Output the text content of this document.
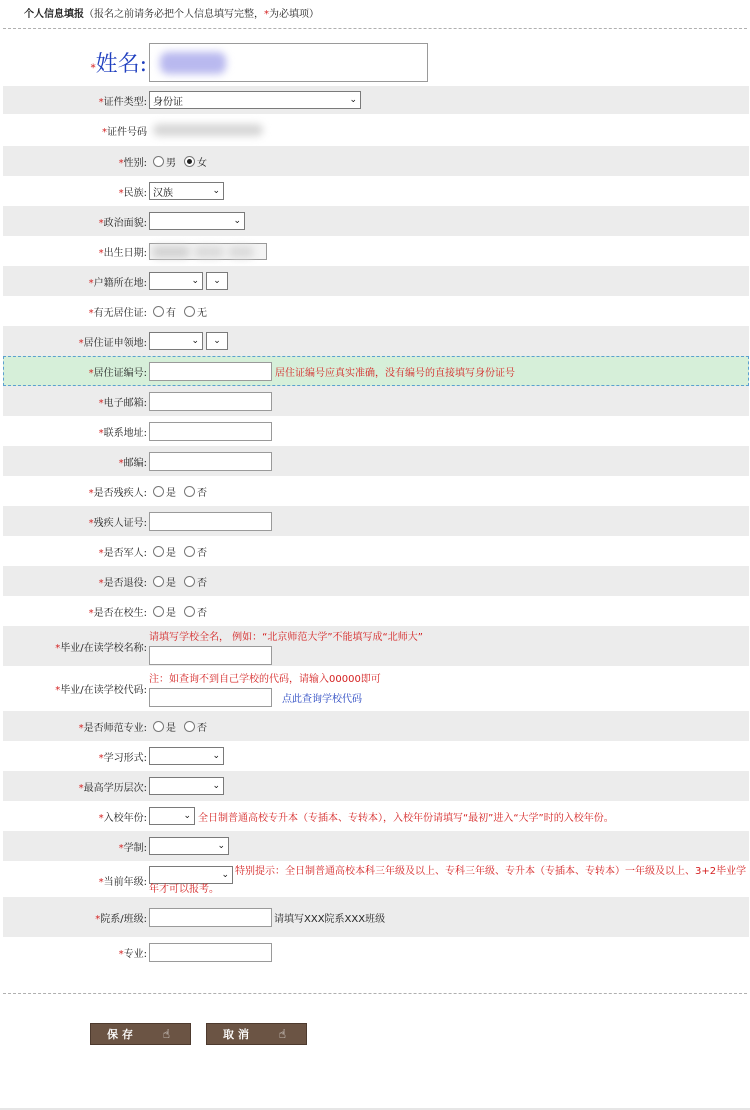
个人信息填报（报名之前请务必把个人信息填写完整，*为必填项）
*姓名:
*证件类型: 身份证	⌄
*证件号码
*性别: 男 女
*民族: 汉族	⌄
*政治面貌:	⌄
*出生日期:
*户籍所在地:	⌄ ⌄
*有无居住证: 有 无
*居住证申领地:	⌄ ⌄
*居住证编号:	居住证编号应真实准确，没有编号的直接填写身份证号
*电子邮箱:
*联系地址:
*邮编:
*是否残疾人: 是 否
*残疾人证号:
*是否军人: 是 否
*是否退役: 是 否
*是否在校生: 是 否
*毕业/在读学校名称:
请填写学校全名， 例如：“北京师范大学”不能填写成“北师大”
*毕业/在读学校代码:
注：如查询不到自己学校的代码，请输入00000即可
点此查询学校代码
*是否师范专业: 是 否
*学习形式:	⌄
*最高学历层次:	⌄
*入校年份:	⌄ 全日制普通高校专升本（专插本、专转本），入校年份请填写“最初”进入“大学”时的入校年份。
*学制:	⌄
*当前年级:
⌄ 特别提示：全日制普通高校本科三年级及以上、专科三年级、专升本（专插本、专转本）一年级及以上、3+2毕业学年才可以报考。
*院系/班级:	请填写XXX院系XXX班级
*专业:
保存 ☝	取消 ☝
